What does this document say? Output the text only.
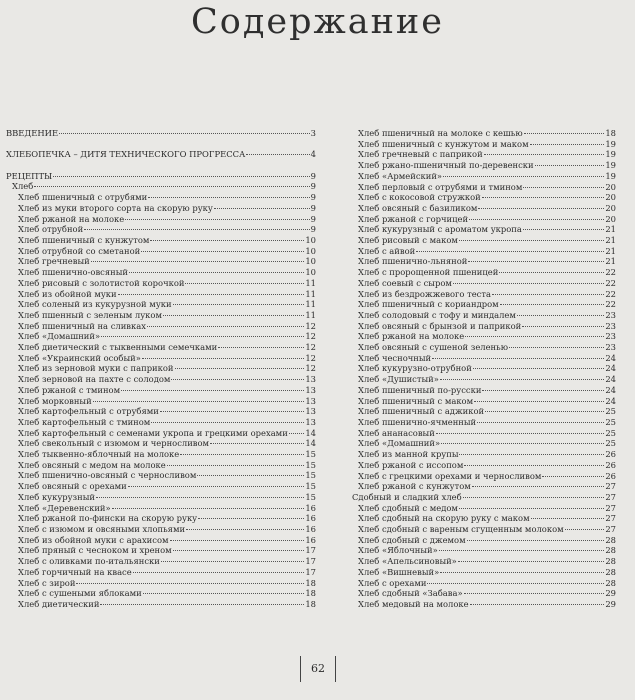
Содержание
ВВЕДЕНИЕ	3
ХЛЕБОПЕЧКА – ДИТЯ ТЕХНИЧЕСКОГО ПРОГРЕССА	4
РЕЦЕПТЫ	9
Хлеб	9
Хлеб пшеничный с отрубями	9
Хлеб из муки второго сорта на скорую руку	9
Хлеб ржаной на молоке	9
Хлеб отрубной	9
Хлеб пшеничный с кунжутом	10
Хлеб отрубной со сметаной	10
Хлеб гречневый	10
Хлеб пшенично-овсяный	10
Хлеб рисовый с золотистой корочкой	11
Хлеб из обойной муки	11
Хлеб соленый из кукурузной муки	11
Хлеб пшенный с зеленым луком	11
Хлеб пшеничный на сливках	12
Хлеб «Домашний»	12
Хлеб диетический с тыквенными семечками	12
Хлеб «Украинский особый»	12
Хлеб из зерновой муки с паприкой	12
Хлеб зерновой на пахте с солодом	13
Хлеб ржаной с тмином	13
Хлеб морковный	13
Хлеб картофельный с отрубями	13
Хлеб картофельный с тмином	13
Хлеб картофельный с семенами укропа и грецкими орехами 14
Хлеб свекольный с изюмом и черносливом	14
Хлеб тыквенно-яблочный на молоке	15
Хлеб овсяный с медом на молоке	15
Хлеб пшенично-овсяный с черносливом	15
Хлеб овсяный с орехами	15
Хлеб кукурузный	15
Хлеб «Деревенский»	16
Хлеб ржаной по-фински на скорую руку	16
Хлеб с изюмом и овсяными хлопьями	16
Хлеб из обойной муки с арахисом	16
Хлеб пряный с чесноком и хреном	17
Хлеб с оливками по-итальянски	17
Хлеб горчичный на квасе	17
Хлеб с зирой	18
Хлеб с сушеными яблоками	18
Хлеб диетический	18
Хлеб пшеничный на молоке с кешью	18
Хлеб пшеничный с кунжутом и маком	19
Хлеб гречневый с паприкой	19
Хлеб ржано-пшеничный по-деревенски	19
Хлеб «Армейский»	19
Хлеб перловый с отрубями и тмином	20
Хлеб с кокосовой стружкой	20
Хлеб овсяный с базиликом	20
Хлеб ржаной с горчицей	20
Хлеб кукурузный с ароматом укропа	21
Хлеб рисовый с маком	21
Хлеб с айвой	21
Хлеб пшенично-льняной	21
Хлеб с пророщенной пшеницей	22
Хлеб соевый с сыром	22
Хлеб из бездрожжевого теста	22
Хлеб пшеничный с кориандром	22
Хлеб солодовый с тофу и миндалем	23
Хлеб овсяный с брынзой и паприкой	23
Хлеб ржаной на молоке	23
Хлеб овсяный с сушеной зеленью	23
Хлеб чесночный	24
Хлеб кукурузно-отрубной	24
Хлеб «Душистый»	24
Хлеб пшеничный по-русски	24
Хлеб пшеничный с маком	24
Хлеб пшеничный с аджикой	25
Хлеб пшенично-ячменный	25
Хлеб ананасовый	25
Хлеб «Домашний»	25
Хлеб из манной крупы	26
Хлеб ржаной с иссопом	26
Хлеб с грецкими орехами и черносливом	26
Хлеб ржаной с кунжутом	27
Сдобный и сладкий хлеб	27
Хлеб сдобный с медом	27
Хлеб сдобный на скорую руку с маком	27
Хлеб сдобный с вареным сгущенным молоком	27
Хлеб сдобный с джемом	28
Хлеб «Яблочный»	28
Хлеб «Апельсиновый»	28
Хлеб «Вишневый»	28
Хлеб с орехами	28
Хлеб сдобный «Забава»	29
Хлеб медовый на молоке	29
62
